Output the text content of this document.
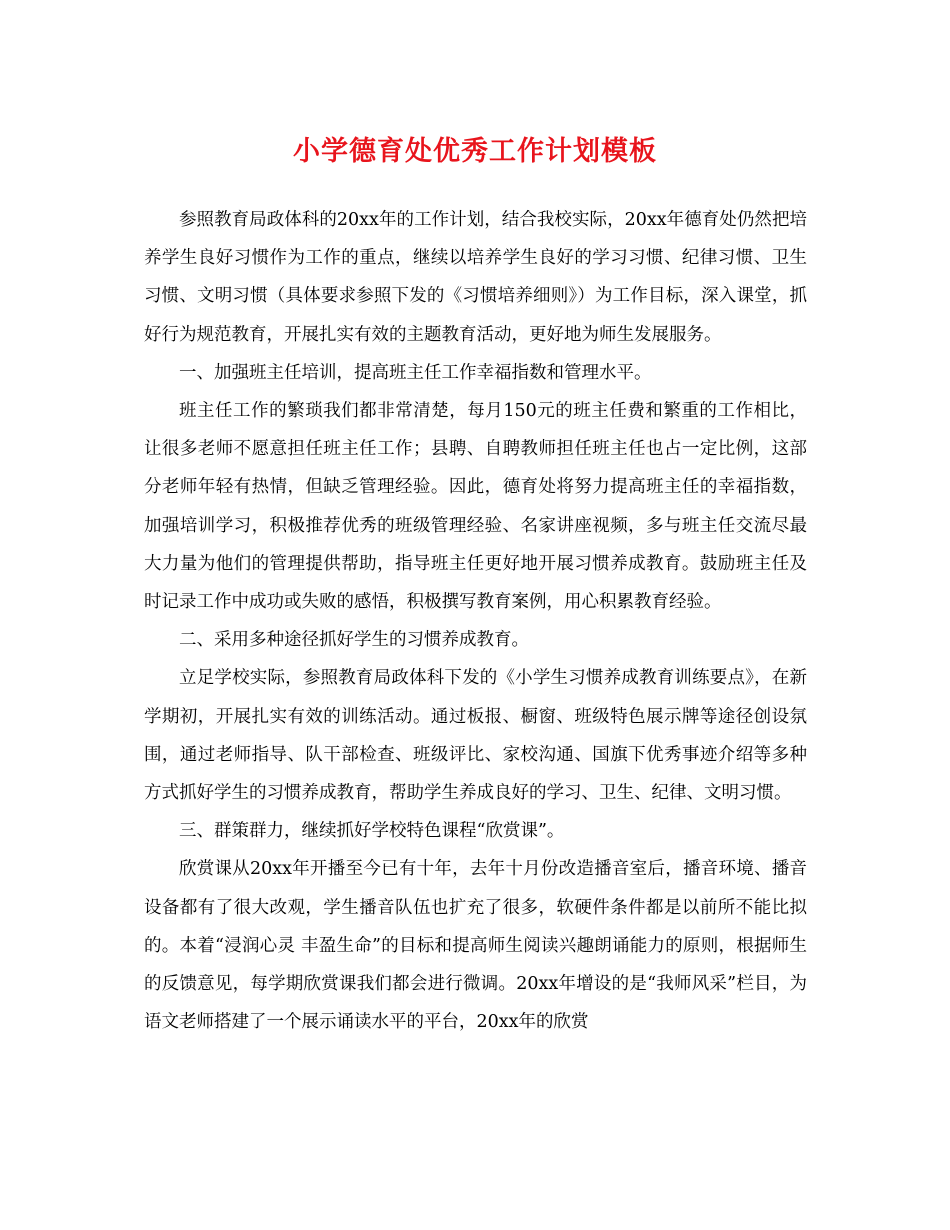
小学德育处优秀工作计划模板

参照教育局政体科的20xx年的工作计划，结合我校实际，20xx年德育处仍然把培养学生良好习惯作为工作的重点，继续以培养学生良好的学习习惯、纪律习惯、卫生习惯、文明习惯（具体要求参照下发的《习惯培养细则》）为工作目标，深入课堂，抓好行为规范教育，开展扎实有效的主题教育活动，更好地为师生发展服务。

一、加强班主任培训，提高班主任工作幸福指数和管理水平。

班主任工作的繁琐我们都非常清楚，每月150元的班主任费和繁重的工作相比，让很多老师不愿意担任班主任工作；县聘、自聘教师担任班主任也占一定比例，这部分老师年轻有热情，但缺乏管理经验。因此，德育处将努力提高班主任的幸福指数，加强培训学习，积极推荐优秀的班级管理经验、名家讲座视频，多与班主任交流尽最大力量为他们的管理提供帮助，指导班主任更好地开展习惯养成教育。鼓励班主任及时记录工作中成功或失败的感悟，积极撰写教育案例，用心积累教育经验。

二、采用多种途径抓好学生的习惯养成教育。

立足学校实际，参照教育局政体科下发的《小学生习惯养成教育训练要点》，在新学期初，开展扎实有效的训练活动。通过板报、橱窗、班级特色展示牌等途径创设氛围，通过老师指导、队干部检查、班级评比、家校沟通、国旗下优秀事迹介绍等多种方式抓好学生的习惯养成教育，帮助学生养成良好的学习、卫生、纪律、文明习惯。

三、群策群力，继续抓好学校特色课程“欣赏课”。

欣赏课从20xx年开播至今已有十年，去年十月份改造播音室后，播音环境、播音设备都有了很大改观，学生播音队伍也扩充了很多，软硬件条件都是以前所不能比拟的。本着“浸润心灵 丰盈生命”的目标和提高师生阅读兴趣朗诵能力的原则，根据师生的反馈意见，每学期欣赏课我们都会进行微调。20xx年增设的是“我师风采”栏目，为语文老师搭建了一个展示诵读水平的平台，20xx年的欣赏
